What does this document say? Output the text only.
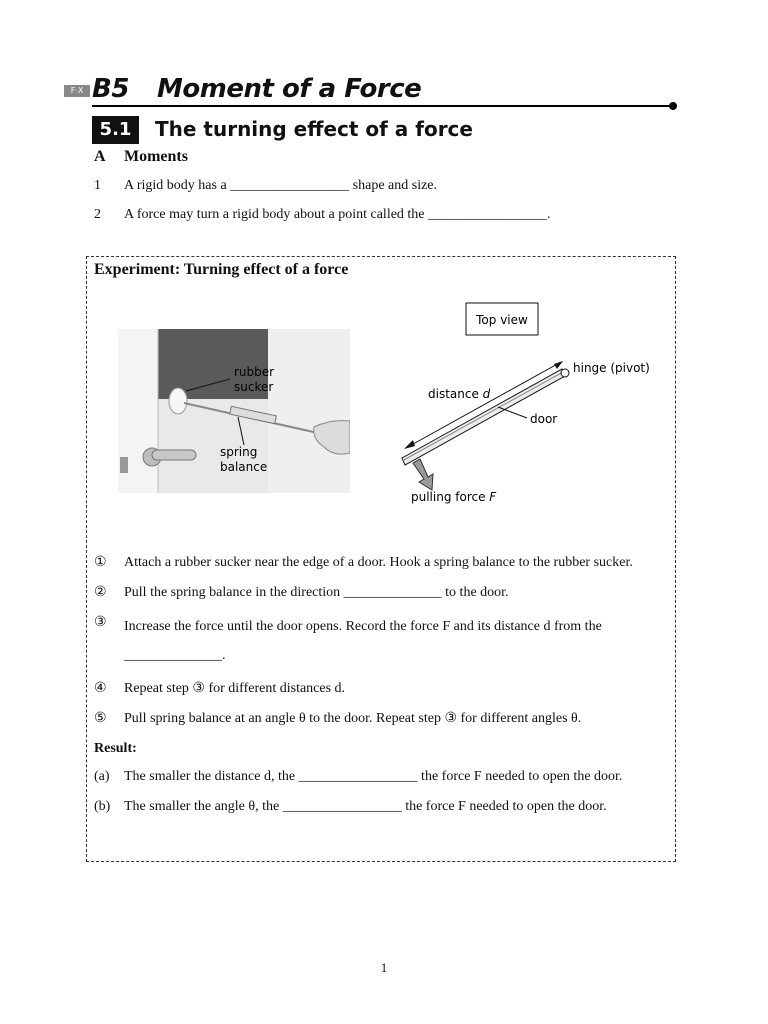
F·X B5 Moment of a Force
5.1	The turning effect of a force
A Moments
1 A rigid body has a _________________ shape and size.
2 A force may turn a rigid body about a point called the _________________.
Experiment: Turning effect of a force
rubber
sucker
spring
balance
Top view
hinge (pivot)
distance d
door
pulling force F
①	Attach a rubber sucker near the edge of a door. Hook a spring balance to the rubber sucker.
②	Pull the spring balance in the direction ______________ to the door.
③	Increase the force until the door opens. Record the force F and its distance d from the ______________.
④	Repeat step ③ for different distances d.
⑤	Pull spring balance at an angle θ to the door. Repeat step ③ for different angles θ.
Result:
(a)	The smaller the distance d, the _________________ the force F needed to open the door.
(b) The smaller the angle θ, the _________________ the force F needed to open the door.
1
